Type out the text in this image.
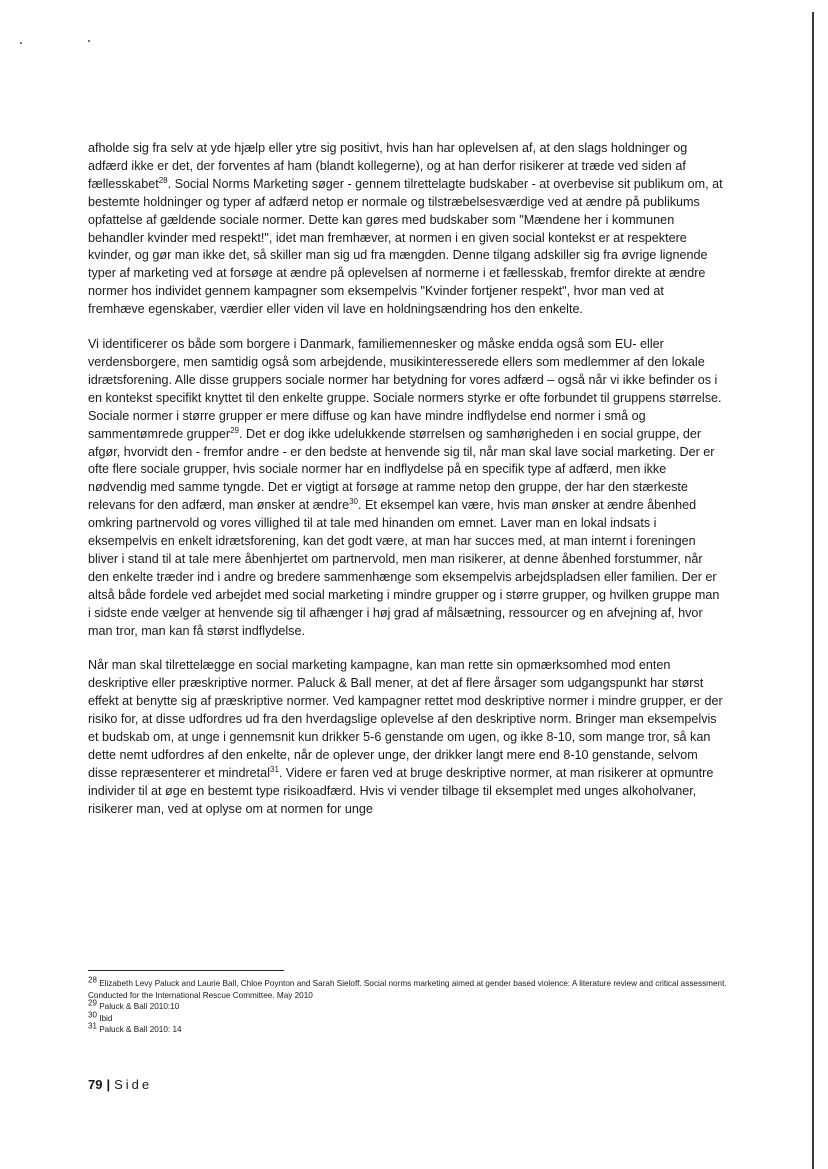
afholde sig fra selv at yde hjælp eller ytre sig positivt, hvis han har oplevelsen af, at den slags holdninger og adfærd ikke er det, der forventes af ham (blandt kollegerne), og at han derfor risikerer at træde ved siden af fællesskabet$^{28}$. Social Norms Marketing søger - gennem tilrettelagte budskaber - at overbevise sit publikum om, at bestemte holdninger og typer af adfærd netop er normale og tilstræbelsesværdige ved at ændre på publikums opfattelse af gældende sociale normer. Dette kan gøres med budskaber som "Mændene her i kommunen behandler kvinder med respekt!", idet man fremhæver, at normen i en given social kontekst er at respektere kvinder, og gør man ikke det, så skiller man sig ud fra mængden. Denne tilgang adskiller sig fra øvrige lignende typer af marketing ved at forsøge at ændre på oplevelsen af normerne i et fællesskab, fremfor direkte at ændre normer hos individet gennem kampagner som eksempelvis "Kvinder fortjener respekt", hvor man ved at fremhæve egenskaber, værdier eller viden vil lave en holdningsændring hos den enkelte.

Vi identificerer os både som borgere i Danmark, familiemennesker og måske endda også som EU- eller verdensborgere, men samtidig også som arbejdende, musikinteresserede ellers som medlemmer af den lokale idrætsforening. Alle disse gruppers sociale normer har betydning for vores adfærd – også når vi ikke befinder os i en kontekst specifikt knyttet til den enkelte gruppe. Sociale normers styrke er ofte forbundet til gruppens størrelse. Sociale normer i større grupper er mere diffuse og kan have mindre indflydelse end normer i små og sammentømrede grupper$^{29}$. Det er dog ikke udelukkende størrelsen og samhørigheden i en social gruppe, der afgør, hvorvidt den - fremfor andre - er den bedste at henvende sig til, når man skal lave social marketing. Der er ofte flere sociale grupper, hvis sociale normer har en indflydelse på en specifik type af adfærd, men ikke nødvendig med samme tyngde. Det er vigtigt at forsøge at ramme netop den gruppe, der har den stærkeste relevans for den adfærd, man ønsker at ændre$^{30}$. Et eksempel kan være, hvis man ønsker at ændre åbenhed omkring partnervold og vores villighed til at tale med hinanden om emnet. Laver man en lokal indsats i eksempelvis en enkelt idrætsforening, kan det godt være, at man har succes med, at man internt i foreningen bliver i stand til at tale mere åbenhjertet om partnervold, men man risikerer, at denne åbenhed forstummer, når den enkelte træder ind i andre og bredere sammenhænge som eksempelvis arbejdspladsen eller familien. Der er altså både fordele ved arbejdet med social marketing i mindre grupper og i større grupper, og hvilken gruppe man i sidste ende vælger at henvende sig til afhænger i høj grad af målsætning, ressourcer og en afvejning af, hvor man tror, man kan få størst indflydelse.

Når man skal tilrettelægge en social marketing kampagne, kan man rette sin opmærksomhed mod enten deskriptive eller præskriptive normer. Paluck & Ball mener, at det af flere årsager som udgangspunkt har størst effekt at benytte sig af præskriptive normer. Ved kampagner rettet mod deskriptive normer i mindre grupper, er der risiko for, at disse udfordres ud fra den hverdagslige oplevelse af den deskriptive norm. Bringer man eksempelvis et budskab om, at unge i gennemsnit kun drikker 5-6 genstande om ugen, og ikke 8-10, som mange tror, så kan dette nemt udfordres af den enkelte, når de oplever unge, der drikker langt mere end 8-10 genstande, selvom disse repræsenterer et mindretal$^{31}$. Videre er faren ved at bruge deskriptive normer, at man risikerer at opmuntre individer til at øge en bestemt type risikoadfærd. Hvis vi vender tilbage til eksemplet med unges alkoholvaner, risikerer man, ved at oplyse om at normen for unge

$^{28}$ Elizabeth Levy Paluck and Laurie Ball, Chloe Poynton and Sarah Sieloff. Social norms marketing aimed at gender based violence: A literature review and critical assessment. Conducted for the International Rescue Committee. May 2010
$^{29}$ Paluck & Ball 2010:10
$^{30}$ Ibid
$^{31}$ Paluck & Ball 2010: 14
79 | Side
